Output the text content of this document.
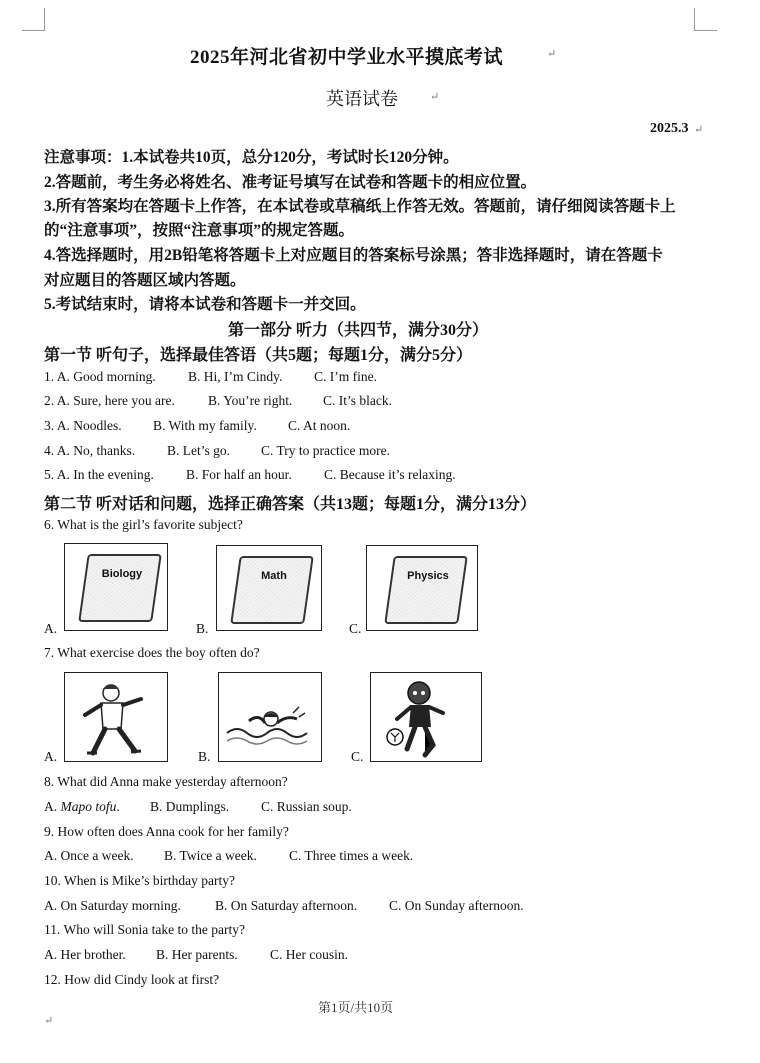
2025年河北省初中学业水平摸底考试	↵
英语试卷	↵
2025.3 ↵
注意事项：1.本试卷共10页，总分120分，考试时长120分钟。
2.答题前，考生务必将姓名、准考证号填写在试卷和答题卡的相应位置。
3.所有答案均在答题卡上作答，在本试卷或草稿纸上作答无效。答题前，请仔细阅读答题卡上
的“注意事项”，按照“注意事项”的规定答题。
4.答选择题时，用2B铅笔将答题卡上对应题目的答案标号涂黑；答非选择题时，请在答题卡
对应题目的答题区域内答题。
5.考试结束时，请将本试卷和答题卡一并交回。
第一部分 听力（共四节，满分30分）
第一节 听句子，选择最佳答语（共5题；每题1分，满分5分）
1. A. Good morning. B. Hi, I’m Cindy. C. I’m fine.
2. A. Sure, here you are. B. You’re right. C. It’s black.
3. A. Noodles. B. With my family. C. At noon.
4. A. No, thanks. B. Let’s go. C. Try to practice more.
5. A. In the evening. B. For half an hour. C. Because it’s relaxing.
第二节 听对话和问题，选择正确答案（共13题；每题1分，满分13分）
6. What is the girl’s favorite subject?
Biology	Math	Physics
A.	B.	C.
7. What exercise does the boy often do?
A.	B.	C.
8. What did Anna make yesterday afternoon?
A. Mapo tofu. B. Dumplings. C. Russian soup.
9. How often does Anna cook for her family?
A. Once a week. B. Twice a week. C. Three times a week.
10. When is Mike’s birthday party?
A. On Saturday morning.	B. On Saturday afternoon. C. On Sunday afternoon.
11. Who will Sonia take to the party?
A. Her brother. B. Her parents. C. Her cousin.
12. How did Cindy look at first?
第1页/共10页
↵
